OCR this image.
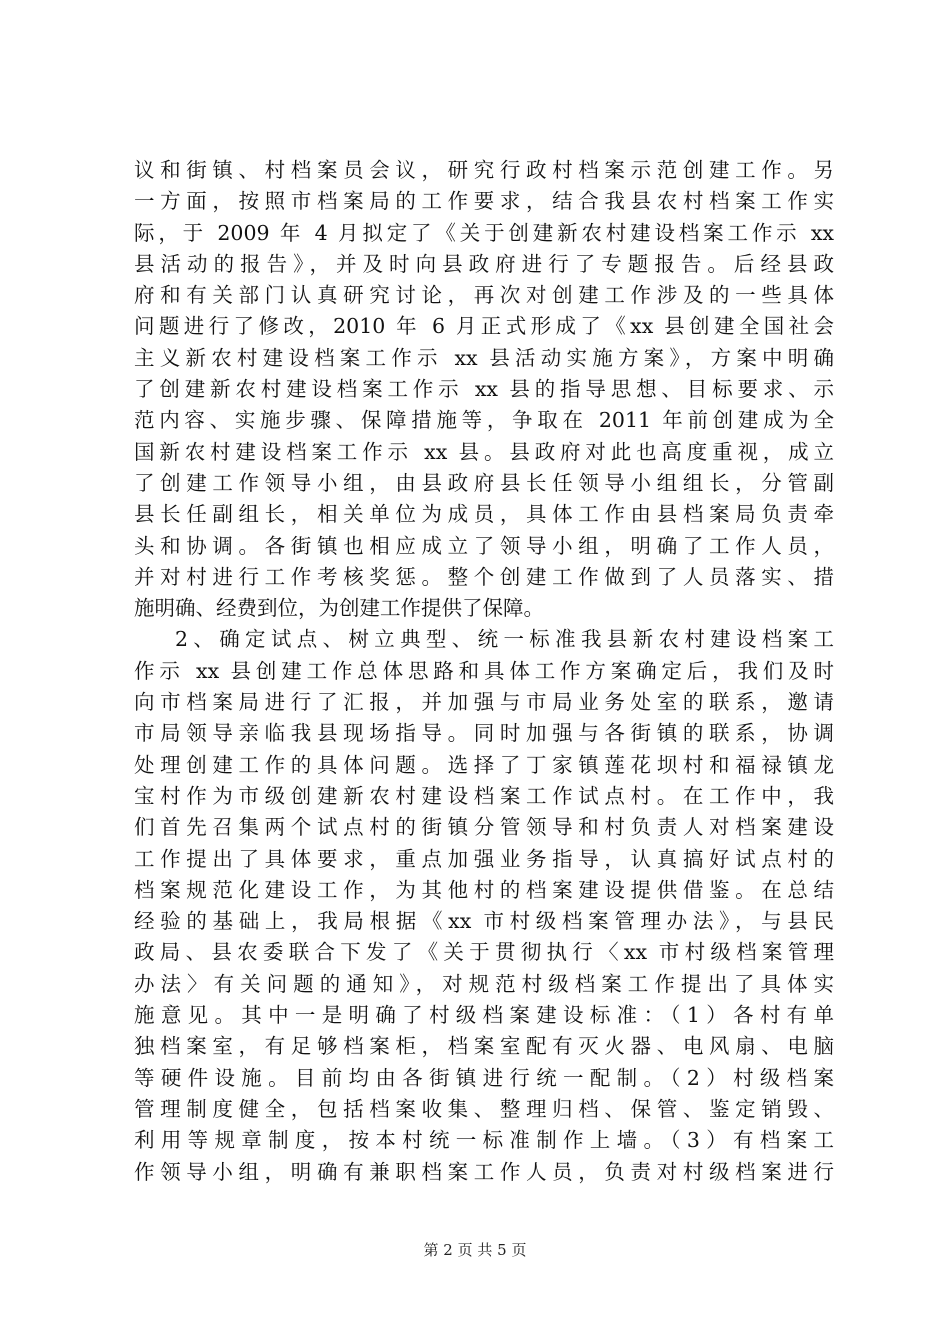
议和街镇、村档案员会议，研究行政村档案示范创建工作。另
一方面，按照市档案局的工作要求，结合我县农村档案工作实
际，于 2009 年 4 月拟定了《关于创建新农村建设档案工作示 xx
县活动的报告》，并及时向县政府进行了专题报告。后经县政
府和有关部门认真研究讨论，再次对创建工作涉及的一些具体
问题进行了修改，2010 年 6 月正式形成了《xx 县创建全国社会
主义新农村建设档案工作示 xx 县活动实施方案》，方案中明确
了创建新农村建设档案工作示 xx 县的指导思想、目标要求、示
范内容、实施步骤、保障措施等，争取在 2011 年前创建成为全
国新农村建设档案工作示 xx 县。县政府对此也高度重视，成立
了创建工作领导小组，由县政府县长任领导小组组长，分管副
县长任副组长，相关单位为成员，具体工作由县档案局负责牵
头和协调。各街镇也相应成立了领导小组，明确了工作人员，
并对村进行工作考核奖惩。整个创建工作做到了人员落实、措
施明确、经费到位，为创建工作提供了保障。
2、确定试点、树立典型、统一标准我县新农村建设档案工
作示 xx 县创建工作总体思路和具体工作方案确定后，我们及时
向市档案局进行了汇报，并加强与市局业务处室的联系，邀请
市局领导亲临我县现场指导。同时加强与各街镇的联系，协调
处理创建工作的具体问题。选择了丁家镇莲花坝村和福禄镇龙
宝村作为市级创建新农村建设档案工作试点村。在工作中，我
们首先召集两个试点村的街镇分管领导和村负责人对档案建设
工作提出了具体要求，重点加强业务指导，认真搞好试点村的
档案规范化建设工作，为其他村的档案建设提供借鉴。在总结
经验的基础上，我局根据《xx 市村级档案管理办法》，与县民
政局、县农委联合下发了《关于贯彻执行〈xx 市村级档案管理
办法〉有关问题的通知》，对规范村级档案工作提出了具体实
施意见。其中一是明确了村级档案建设标准：（1）各村有单
独档案室，有足够档案柜，档案室配有灭火器、电风扇、电脑
等硬件设施。目前均由各街镇进行统一配制。（2）村级档案
管理制度健全，包括档案收集、整理归档、保管、鉴定销毁、
利用等规章制度，按本村统一标准制作上墙。（3）有档案工
作领导小组，明确有兼职档案工作人员，负责对村级档案进行
第 2 页 共 5 页
